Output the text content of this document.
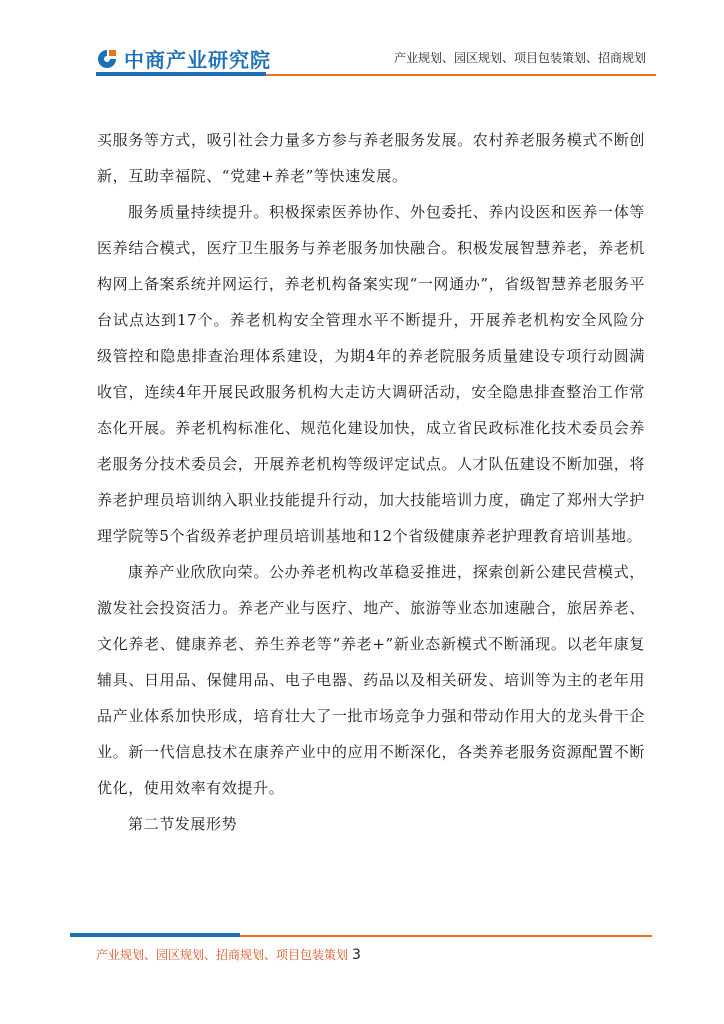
中商产业研究院	产业规划、园区规划、项目包装策划、招商规划

买服务等方式，吸引社会力量多方参与养老服务发展。农村养老服务模式不断创新，互助幸福院、“党建+养老”等快速发展。

服务质量持续提升。积极探索医养协作、外包委托、养内设医和医养一体等医养结合模式，医疗卫生服务与养老服务加快融合。积极发展智慧养老，养老机构网上备案系统并网运行，养老机构备案实现“一网通办”，省级智慧养老服务平台试点达到17个。养老机构安全管理水平不断提升，开展养老机构安全风险分级管控和隐患排查治理体系建设，为期4年的养老院服务质量建设专项行动圆满收官，连续4年开展民政服务机构大走访大调研活动，安全隐患排查整治工作常态化开展。养老机构标准化、规范化建设加快，成立省民政标准化技术委员会养老服务分技术委员会，开展养老机构等级评定试点。人才队伍建设不断加强，将养老护理员培训纳入职业技能提升行动，加大技能培训力度，确定了郑州大学护理学院等5个省级养老护理员培训基地和12个省级健康养老护理教育培训基地。

康养产业欣欣向荣。公办养老机构改革稳妥推进，探索创新公建民营模式，激发社会投资活力。养老产业与医疗、地产、旅游等业态加速融合，旅居养老、文化养老、健康养老、养生养老等“养老+”新业态新模式不断涌现。以老年康复辅具、日用品、保健用品、电子电器、药品以及相关研发、培训等为主的老年用品产业体系加快形成，培育壮大了一批市场竞争力强和带动作用大的龙头骨干企业。新一代信息技术在康养产业中的应用不断深化，各类养老服务资源配置不断优化，使用效率有效提升。

第二节发展形势

产业规划、园区规划、招商规划、项目包装策划 3
